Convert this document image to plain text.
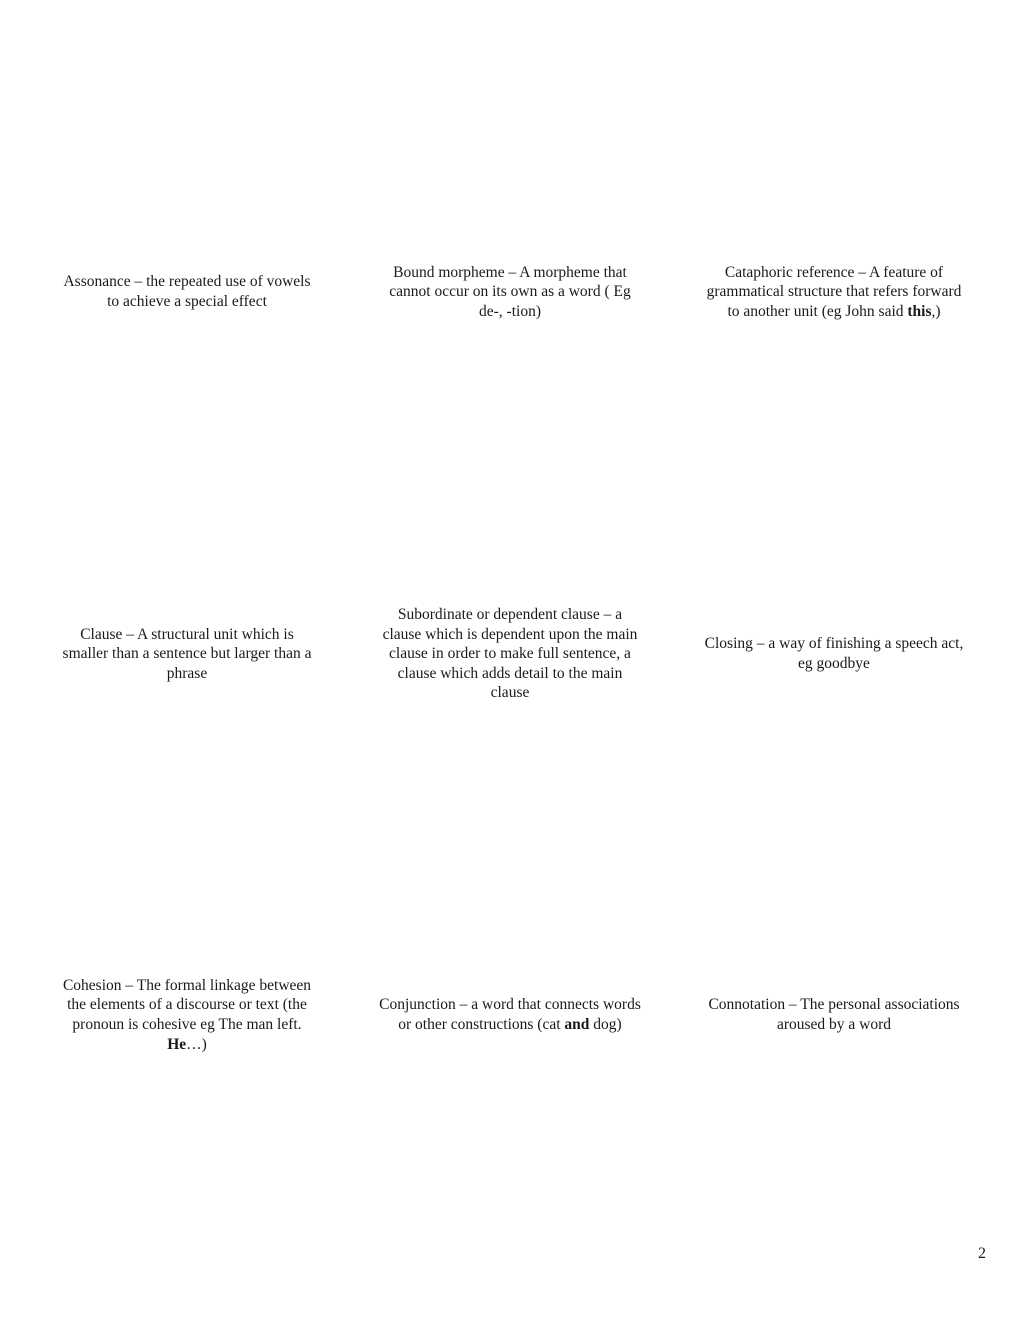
Assonance – the repeated use of vowels
to achieve a special effect
Bound morpheme – A morpheme that
cannot occur on its own as a word ( Eg
de-, -tion)
Cataphoric reference – A feature of
grammatical structure that refers forward
to another unit (eg John said this,)
Clause – A structural unit which is
smaller than a sentence but larger than a
phrase
Subordinate or dependent clause – a
clause which is dependent upon the main
clause in order to make full sentence, a
clause which adds detail to the main
clause
Closing – a way of finishing a speech act,
eg goodbye
Cohesion – The formal linkage between
the elements of a discourse or text (the
pronoun is cohesive eg The man left.
He…)
Conjunction – a word that connects words
or other constructions (cat and dog)
Connotation – The personal associations
aroused by a word
2
